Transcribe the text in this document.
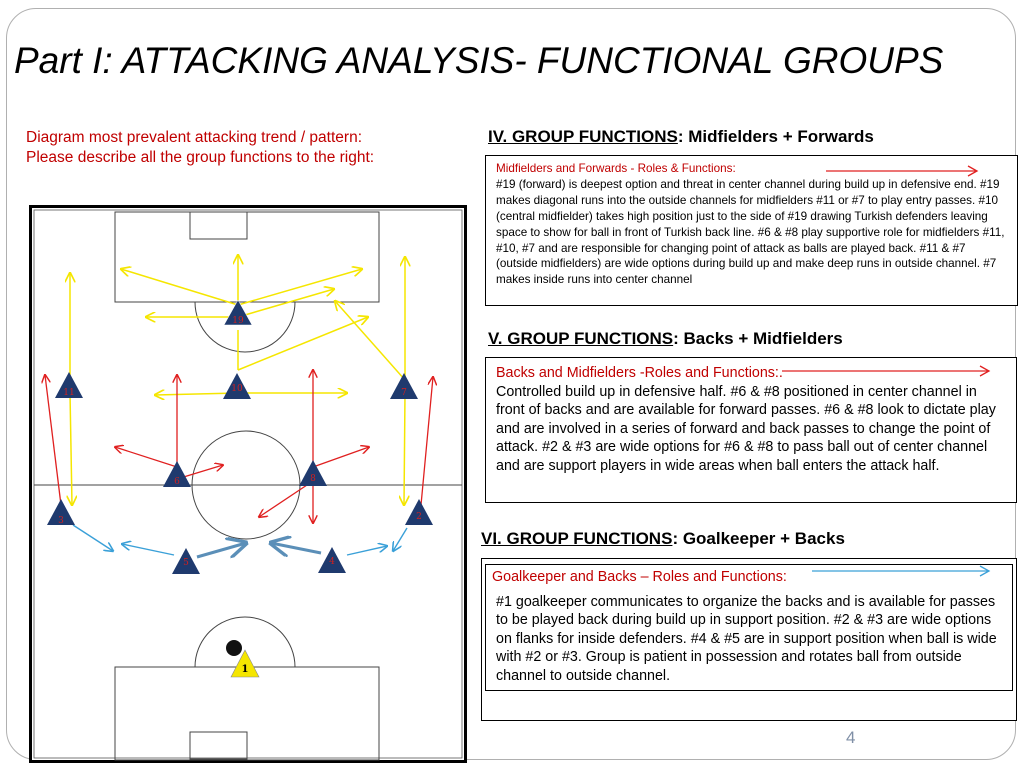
Part I: ATTACKING ANALYSIS- FUNCTIONAL GROUPS
Diagram most prevalent attacking trend / pattern:
Please describe all the group functions to the right:
IV. GROUP FUNCTIONS: Midfielders + Forwards
Midfielders and Forwards - Roles & Functions:
#19 (forward) is deepest option and threat in center channel during build up in defensive end. #19 makes diagonal runs into the outside channels for midfielders #11 or #7 to play entry passes. #10 (central midfielder) takes high position just to the side of #19 drawing Turkish defenders leaving space to show for ball in front of Turkish back line. #6 & #8 play supportive role for midfielders #11, #10, #7 and are responsible for changing point of attack as balls are played back. #11 & #7 (outside midfielders) are wide options during build up and make deep runs in outside channel. #7 makes inside runs into center channel
V. GROUP FUNCTIONS: Backs + Midfielders
Backs and Midfielders -Roles and Functions:.
Controlled build up in defensive half. #6 & #8 positioned in center channel in front of backs and are available for forward passes. #6 & #8 look to dictate play and are involved in a series of forward and back passes to change the point of attack. #2 & #3 are wide options for #6 & #8 to pass ball out of center channel and are support players in wide areas when ball enters the attack half.
VI. GROUP FUNCTIONS: Goalkeeper + Backs
Goalkeeper and Backs – Roles and Functions:
#1 goalkeeper communicates to organize the backs and is available for passes to be played back during build up in support position. #2 & #3 are wide options on flanks for inside defenders. #4 & #5 are in support position when ball is wide with #2 or #3. Group is patient in possession and rotates ball from outside channel to outside channel.
19
11	10	7
6	8
3	2
5	4
1
4
